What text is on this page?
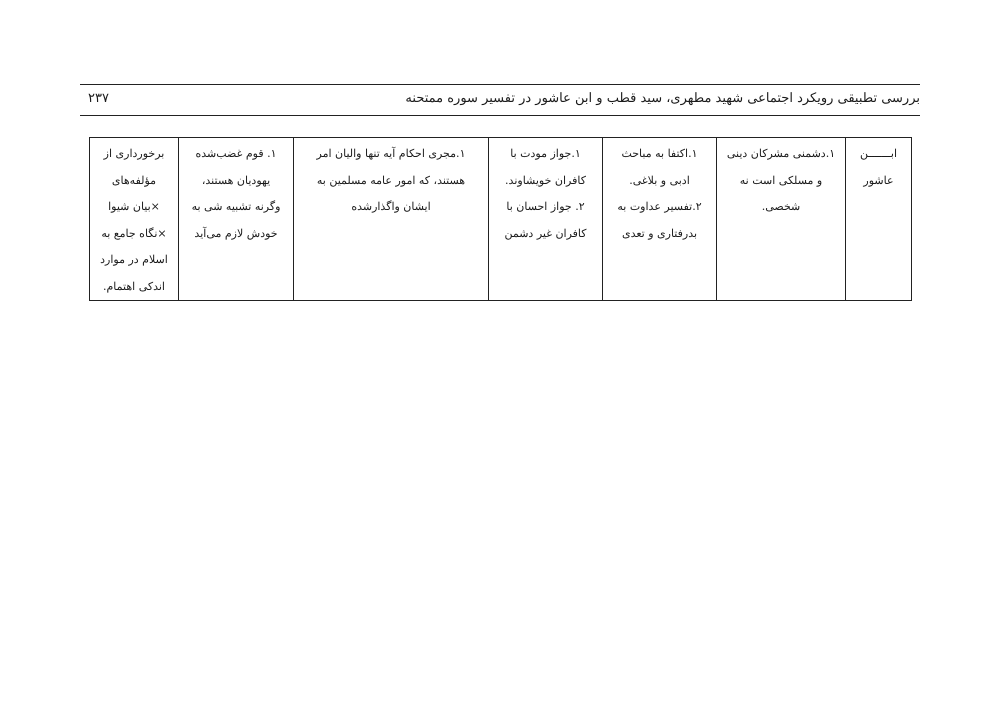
بررسی تطبیقی رویکرد اجتماعی شهید مطهری، سید قطب و ابن عاشور در تفسیر سوره ممتحنه
۲۳۷
ابـــــــن
عاشور

۱.دشمنی مشرکان دینی
و مسلکی است نه
شخصی.

۱.اکتفا به مباحث
ادبی و بلاغی.
۲.تفسیر عداوت به
بدرفتاری و تعدی

۱.جواز مودت با
کافران خویشاوند.
۲. جواز احسان با
کافران غیر دشمن

۱.مجری احکام آیه تنها والیان امر
هستند، که امور عامه مسلمین به
ایشان واگذارشده

۱. قوم غضب‌شده
یهودیان هستند،
وگرنه تشبیه شی به
خودش لازم می‌آید

برخورداری از
مؤلفه‌های
×بیان شیوا
×نگاه جامع به
اسلام در موارد
اندکی اهتمام.
